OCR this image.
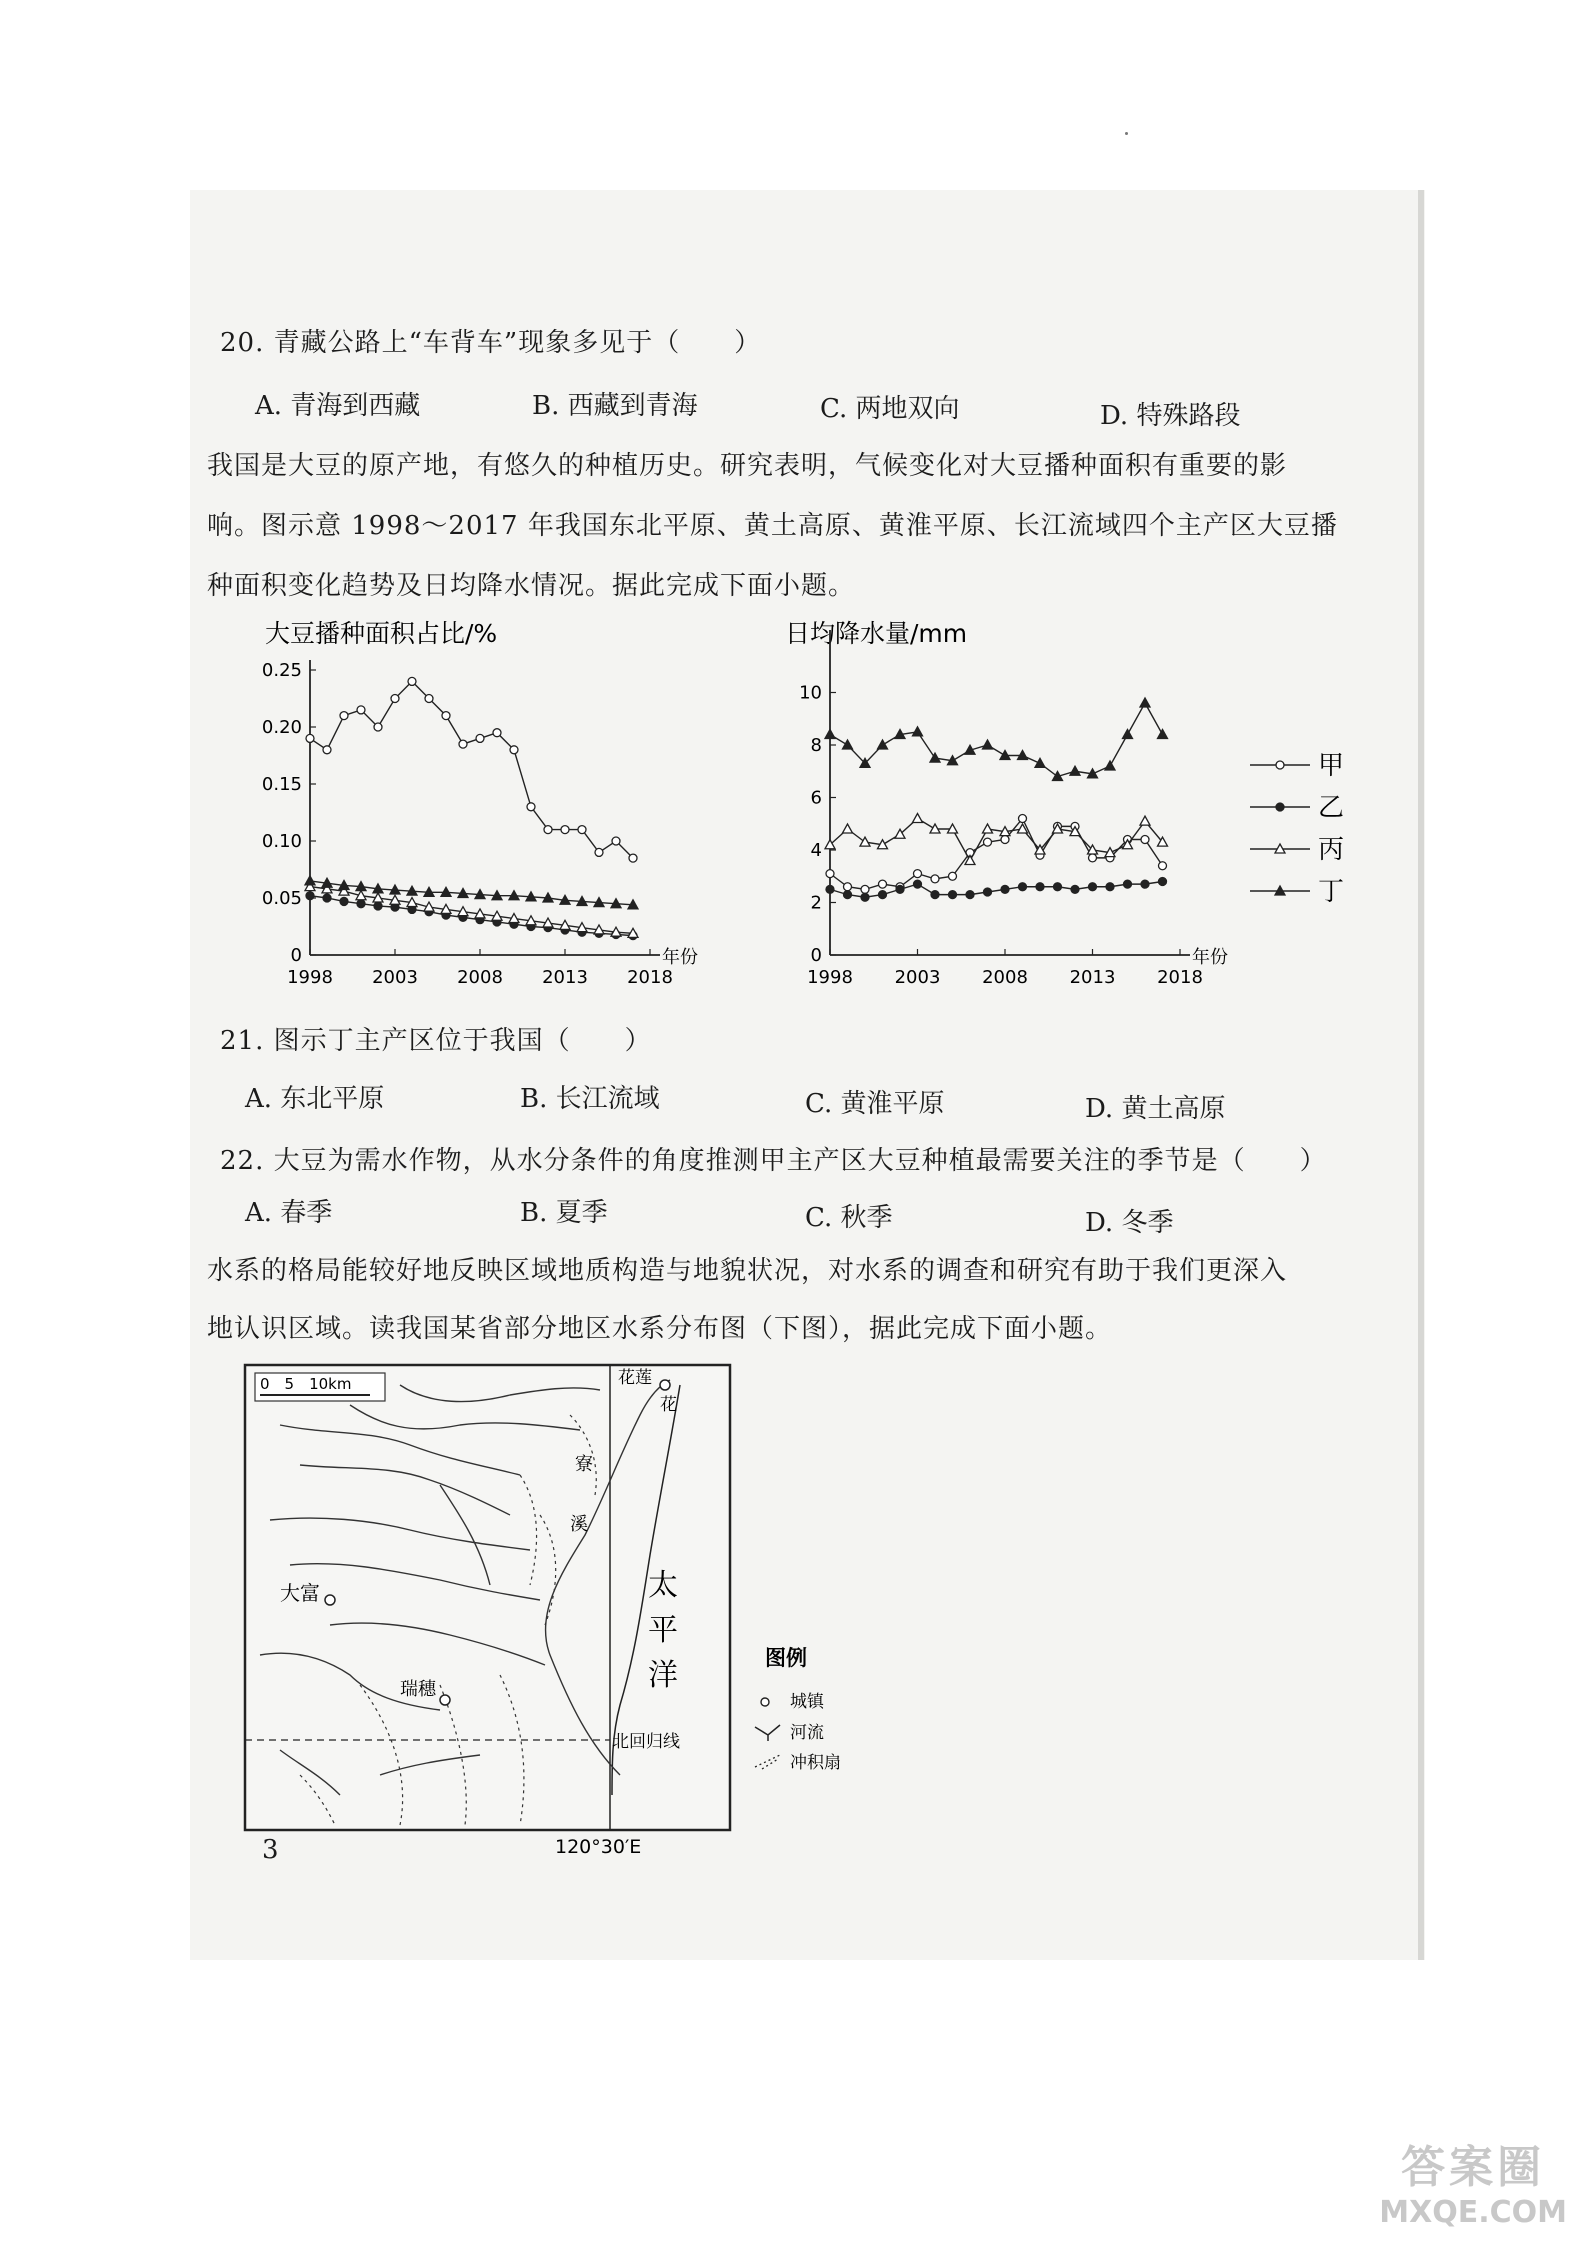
20. 青藏公路上“车背车”现象多见于（　　）
A. 青海到西藏	B. 西藏到青海	C. 两地双向	D. 特殊路段
我国是大豆的原产地，有悠久的种植历史。研究表明，气候变化对大豆播种面积有重要的影
响。图示意 1998～2017 年我国东北平原、黄土高原、黄淮平原、长江流域四个主产区大豆播
种面积变化趋势及日均降水情况。据此完成下面小题。
大豆播种面积占比/%
0
0.05
0.10
0.15
0.20
0.25
1998 2003 2008 2013 2018
年份
日均降水量/mm
0
2
4
6
8
10
1998 2003 2008 2013 2018
年份
甲
乙
丙
丁
21. 图示丁主产区位于我国（　　）
A. 东北平原	B. 长江流域	C. 黄淮平原	D. 黄土高原
22. 大豆为需水作物，从水分条件的角度推测甲主产区大豆种植最需要关注的季节是（　　）
A. 春季	B. 夏季	C. 秋季	D. 冬季
水系的格局能较好地反映区域地质构造与地貌状况，对水系的调查和研究有助于我们更深入
地认识区域。读我国某省部分地区水系分布图（下图），据此完成下面小题。
0　5　10km
大富
瑞穗
花莲
花
寮
溪
太
平
洋
北回归线
120°30′E
图例
城镇
河流
冲积扇
3
答案圈
MXQE.COM
